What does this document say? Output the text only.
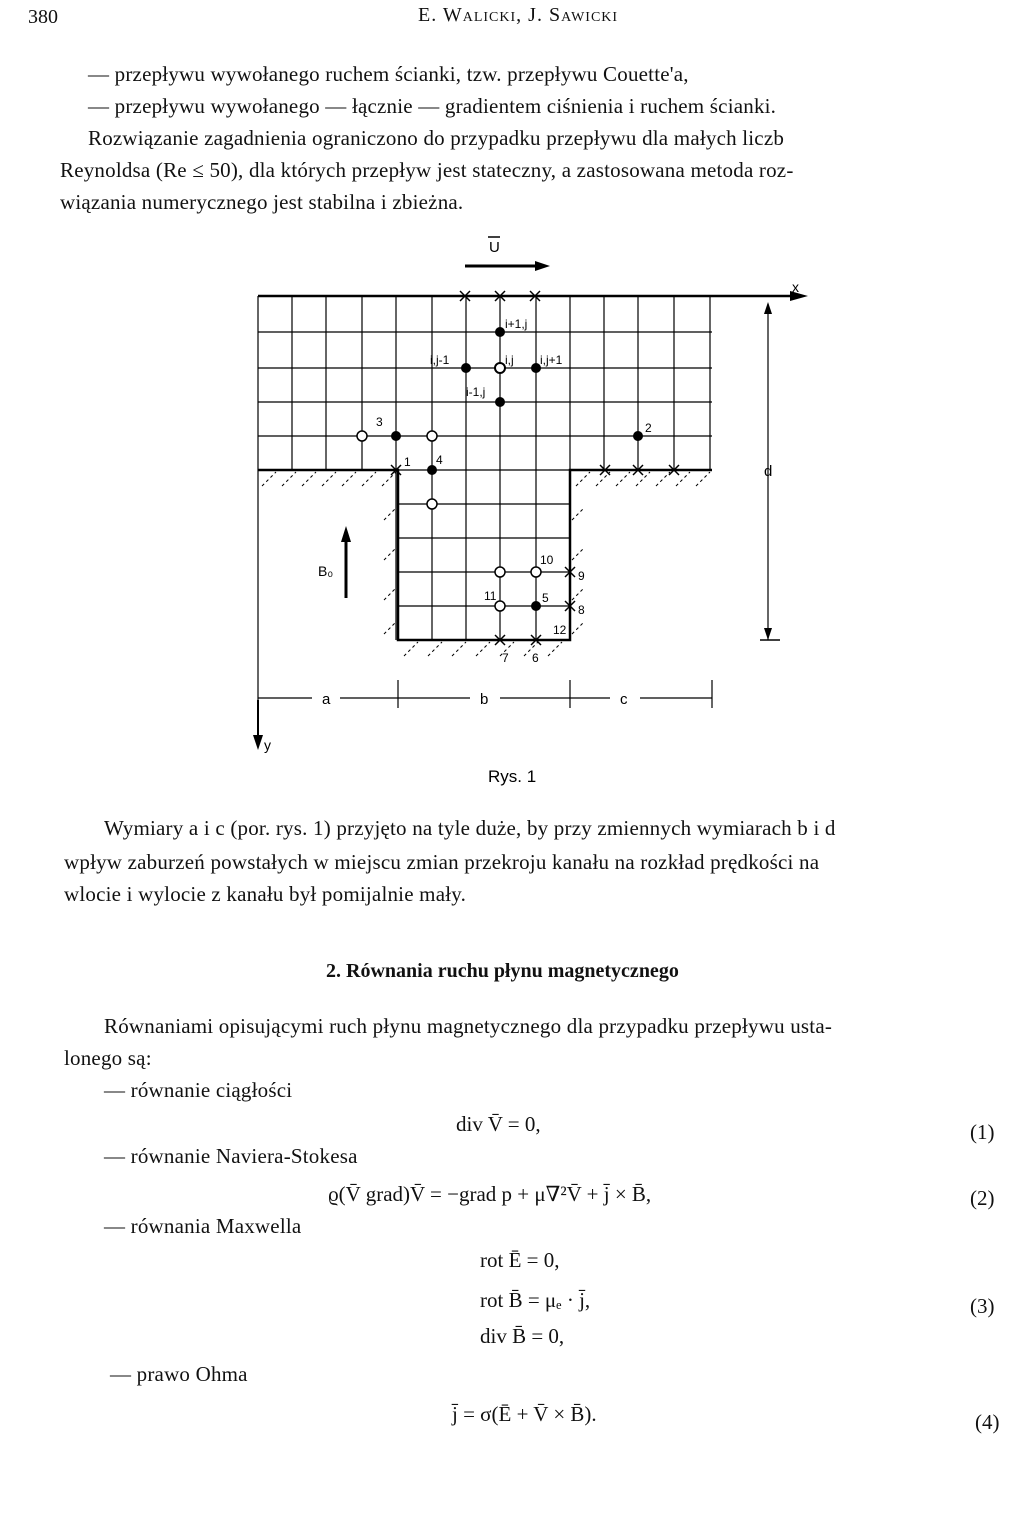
380	E. Walicki, J. Sawicki
— przepływu wywołanego ruchem ścianki, tzw. przepływu Couette'a,
— przepływu wywołanego — łącznie — gradientem ciśnienia i ruchem ścianki.
Rozwiązanie zagadnienia ograniczono do przypadku przepływu dla małych liczb
Reynoldsa (Re ≤ 50), dla których przepływ jest stateczny, a zastosowana metoda roz-
wiązania numerycznego jest stabilna i zbieżna.
U
x
i+1,j
i,j-1	i,j i,j+1
i-1,j
1
2
3
4
5
6
7
8
9
10
11
12
d
B₀
a	b	c
y
Rys. 1
Wymiary a i c (por. rys. 1) przyjęto na tyle duże, by przy zmiennych wymiarach b i d
wpływ zaburzeń powstałych w miejscu zmian przekroju kanału na rozkład prędkości na
wlocie i wylocie z kanału był pomijalnie mały.
2. Równania ruchu płynu magnetycznego
Równaniami opisującymi ruch płynu magnetycznego dla przypadku przepływu usta-
lonego są:
— równanie ciągłości
div V̄ = 0,	(1)
— równanie Naviera-Stokesa
ϱ(V̄ grad)V̄ = −grad p + μ∇²V̄ + j̄ × B̄,	(2)
— równania Maxwella
rot Ē = 0,
rot B̄ = μₑ · j̄,	(3)
div B̄ = 0,
— prawo Ohma
j̄ = σ(Ē + V̄ × B̄).	(4)
